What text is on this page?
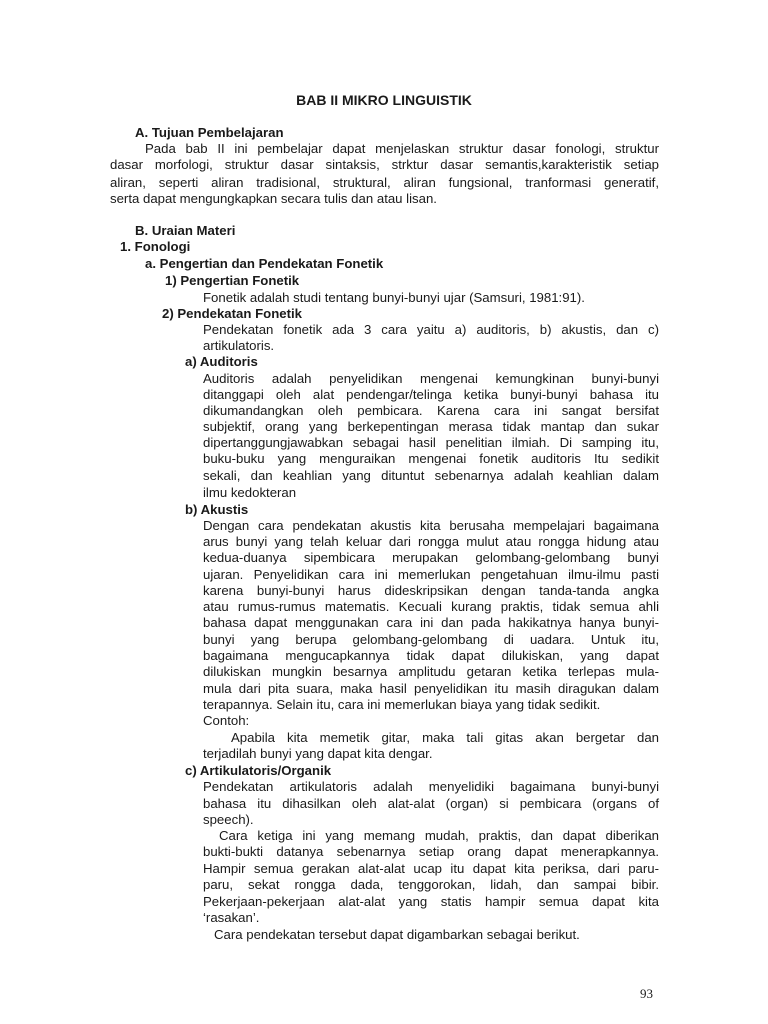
BAB II MIKRO LINGUISTIK
A. Tujuan Pembelajaran
Pada bab II ini pembelajar dapat menjelaskan struktur dasar fonologi, struktur
dasar morfologi, struktur dasar sintaksis, strktur dasar semantis,karakteristik setiap
aliran, seperti aliran tradisional, struktural, aliran fungsional, tranformasi generatif,
serta dapat mengungkapkan secara tulis dan atau lisan.
B. Uraian Materi
1. Fonologi
a. Pengertian dan Pendekatan Fonetik
1) Pengertian Fonetik
Fonetik adalah studi tentang bunyi-bunyi ujar (Samsuri, 1981:91).
2) Pendekatan Fonetik
Pendekatan fonetik ada 3 cara yaitu a) auditoris, b) akustis, dan c)
artikulatoris.
a) Auditoris
Auditoris adalah penyelidikan mengenai kemungkinan bunyi-bunyi
ditanggapi oleh alat pendengar/telinga ketika bunyi-bunyi bahasa itu
dikumandangkan oleh pembicara. Karena cara ini sangat bersifat
subjektif, orang yang berkepentingan merasa tidak mantap dan sukar
dipertanggungjawabkan sebagai hasil penelitian ilmiah. Di samping itu,
buku-buku yang menguraikan mengenai fonetik auditoris Itu sedikit
sekali, dan keahlian yang dituntut sebenarnya adalah keahlian dalam
ilmu kedokteran
b) Akustis
Dengan cara pendekatan akustis kita berusaha mempelajari bagaimana
arus bunyi yang telah keluar dari rongga mulut atau rongga hidung atau
kedua-duanya sipembicara merupakan gelombang-gelombang bunyi
ujaran. Penyelidikan cara ini memerlukan pengetahuan ilmu-ilmu pasti
karena bunyi-bunyi harus dideskripsikan dengan tanda-tanda angka
atau rumus-rumus matematis. Kecuali kurang praktis, tidak semua ahli
bahasa dapat menggunakan cara ini dan pada hakikatnya hanya bunyi-
bunyi yang berupa gelombang-gelombang di uadara. Untuk itu,
bagaimana mengucapkannya tidak dapat dilukiskan, yang dapat
dilukiskan mungkin besarnya amplitudu getaran ketika terlepas mula-
mula dari pita suara, maka hasil penyelidikan itu masih diragukan dalam
terapannya. Selain itu, cara ini memerlukan biaya yang tidak sedikit.
Contoh:
Apabila kita memetik gitar, maka tali gitas akan bergetar dan
terjadilah bunyi yang dapat kita dengar.
c) Artikulatoris/Organik
Pendekatan artikulatoris adalah menyelidiki bagaimana bunyi-bunyi
bahasa itu dihasilkan oleh alat-alat (organ) si pembicara (organs of
speech).
Cara ketiga ini yang memang mudah, praktis, dan dapat diberikan
bukti-bukti datanya sebenarnya setiap orang dapat menerapkannya.
Hampir semua gerakan alat-alat ucap itu dapat kita periksa, dari paru-
paru, sekat rongga dada, tenggorokan, lidah, dan sampai bibir.
Pekerjaan-pekerjaan alat-alat yang statis hampir semua dapat kita
‘rasakan’.
Cara pendekatan tersebut dapat digambarkan sebagai berikut.
93
